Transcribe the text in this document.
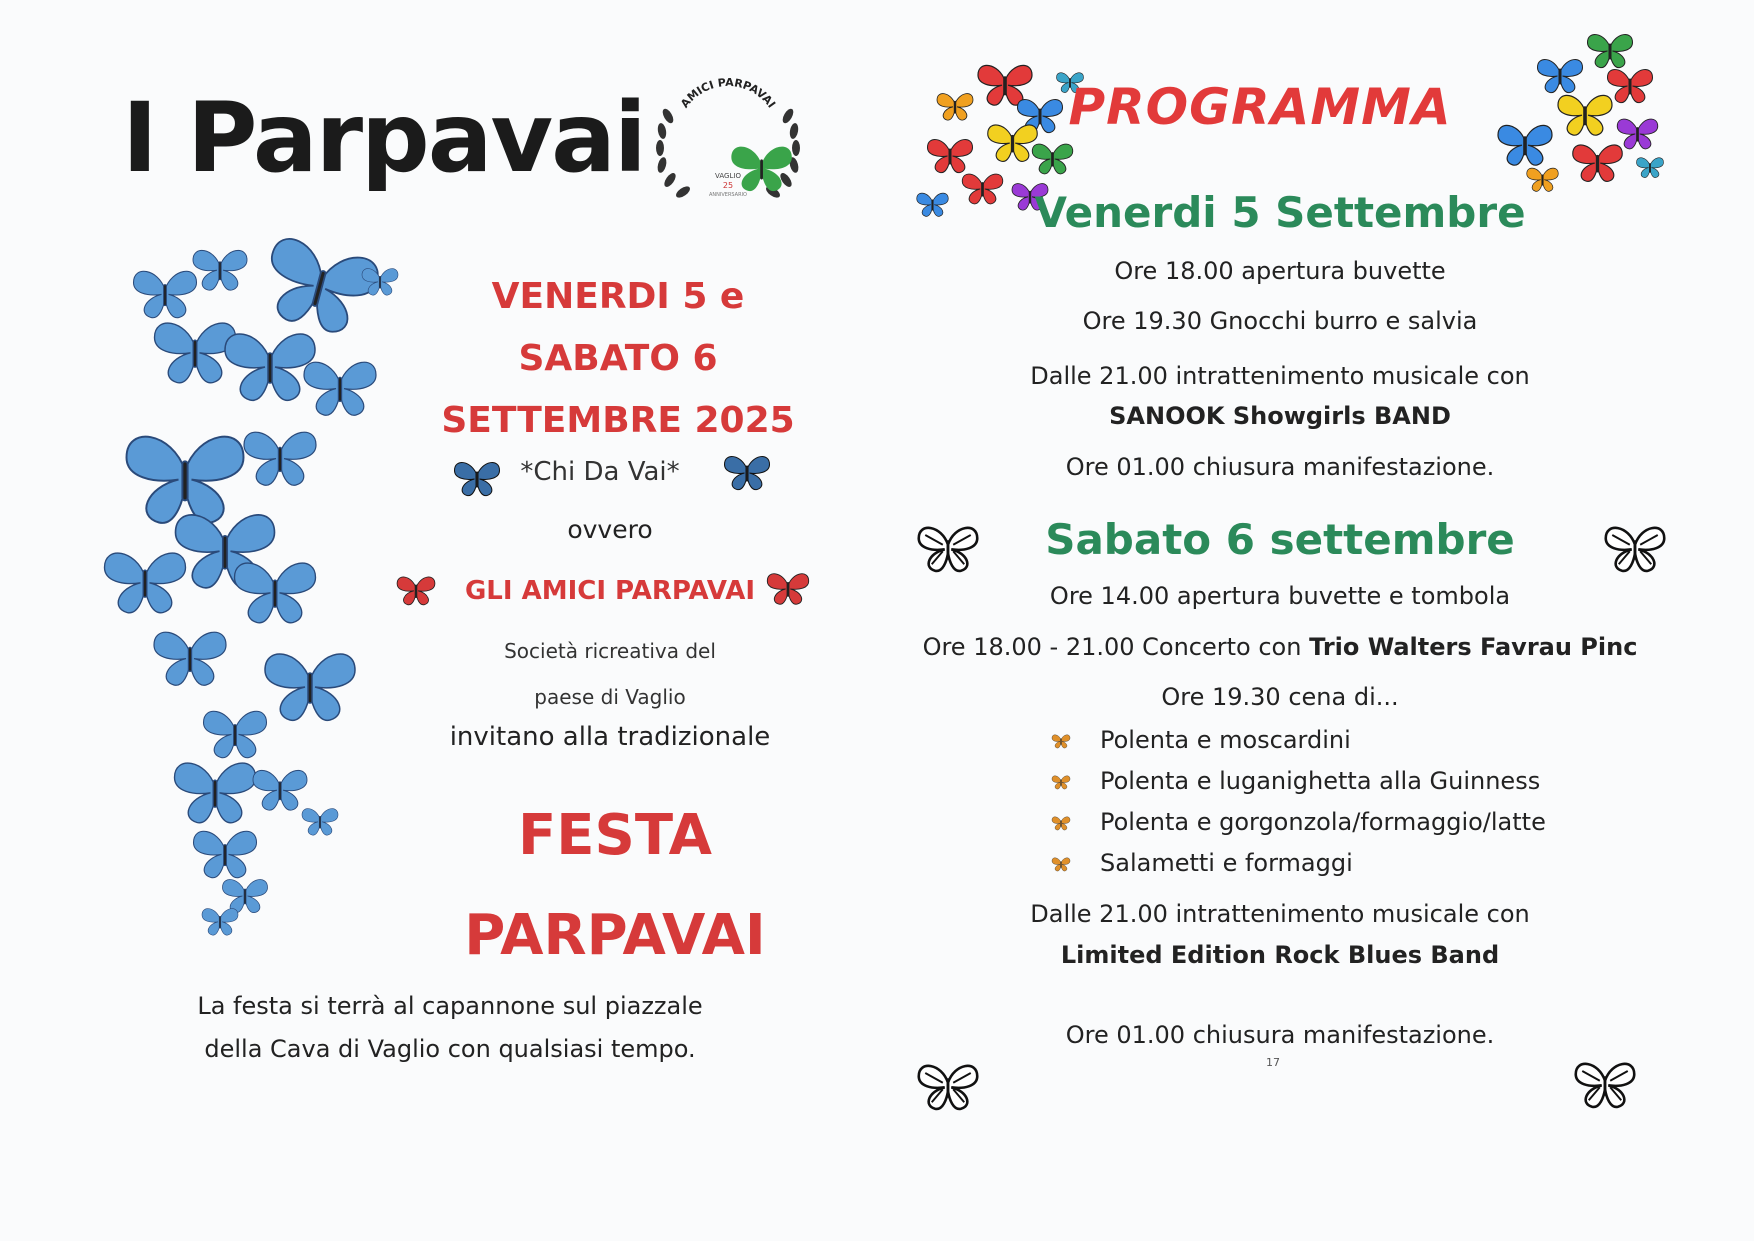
I Parpavai	AMICI PARPAVAI
VAGLIO
25
ANNIVERSARIO
VENERDI 5 e
SABATO 6
SETTEMBRE 2025
*Chi Da Vai*
ovvero
GLI AMICI PARPAVAI
Società ricreativa del
paese di Vaglio
invitano alla tradizionale
FESTA
PARPAVAI
La festa si terrà al capannone sul piazzale
della Cava di Vaglio con qualsiasi tempo.
PROGRAMMA
Venerdi 5 Settembre
Ore 18.00 apertura buvette
Ore 19.30 Gnocchi burro e salvia
Dalle 21.00 intrattenimento musicale con
SANOOK Showgirls BAND
Ore 01.00 chiusura manifestazione.
Sabato 6 settembre
Ore 14.00 apertura buvette e tombola
Ore 18.00 - 21.00 Concerto con Trio Walters Favrau Pinc
Ore 19.30 cena di...
Polenta e moscardini
Polenta e luganighetta alla Guinness
Polenta e gorgonzola/formaggio/latte
Salametti e formaggi
Dalle 21.00 intrattenimento musicale con
Limited Edition Rock Blues Band
Ore 01.00 chiusura manifestazione.
17
